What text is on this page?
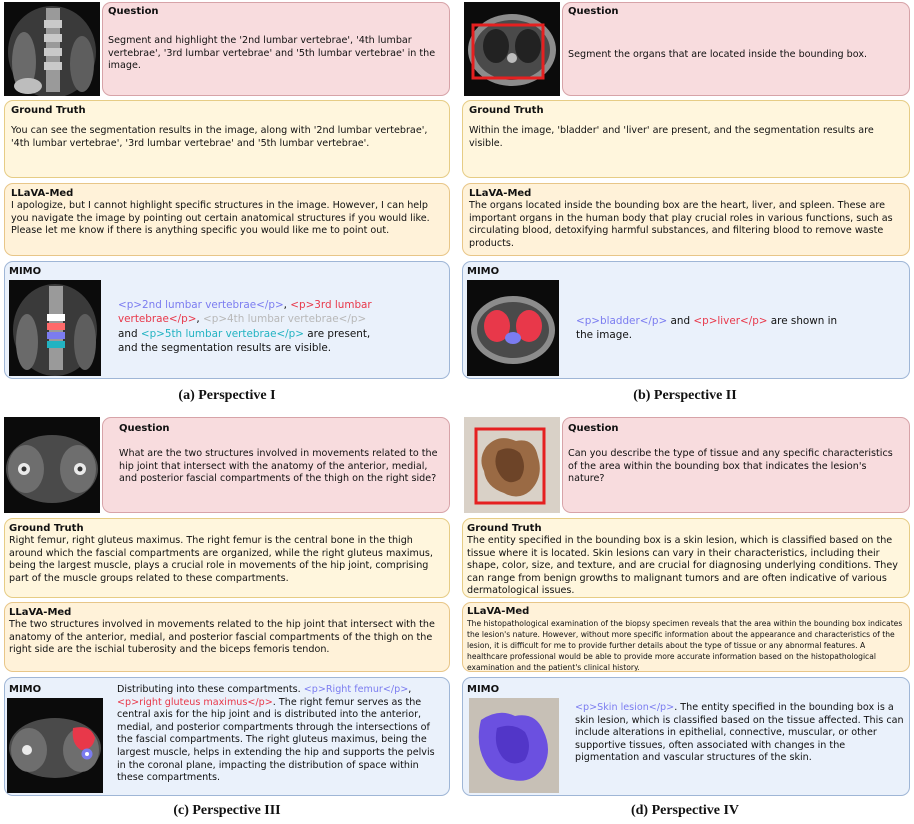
Question
Segment and highlight the '2nd lumbar vertebrae', '4th lumbar vertebrae', '3rd lumbar vertebrae' and '5th lumbar vertebrae' in the image.
Ground Truth
You can see the segmentation results in the image, along with '2nd lumbar vertebrae', '4th lumbar vertebrae', '3rd lumbar vertebrae' and '5th lumbar vertebrae'.
LLaVA-Med
I apologize, but I cannot highlight specific structures in the image. However, I can help you navigate the image by pointing out certain anatomical structures if you would like. Please let me know if there is anything specific you would like me to point out.
MIMO
<p>2nd lumbar vertebrae</p>, <p>3rd lumbar vertebrae</p>, <p>4th lumbar vertebrae</p> and <p>5th lumbar vertebrae</p> are present, and the segmentation results are visible.
(a) Perspective I
Question
Segment the organs that are located inside the bounding box.
Ground Truth
Within the image, 'bladder' and 'liver' are present, and the segmentation results are visible.
LLaVA-Med
The organs located inside the bounding box are the heart, liver, and spleen. These are important organs in the human body that play crucial roles in various functions, such as circulating blood, detoxifying harmful substances, and filtering blood to remove waste products.
MIMO
<p>bladder</p> and <p>liver</p> are shown in the image.
(b) Perspective II
Question
What are the two structures involved in movements related to the hip joint that intersect with the anatomy of the anterior, medial, and posterior fascial compartments of the thigh on the right side?
Ground Truth
Right femur, right gluteus maximus. The right femur is the central bone in the thigh around which the fascial compartments are organized, while the right gluteus maximus, being the largest muscle, plays a crucial role in movements of the hip joint, comprising part of the muscle groups related to these compartments.
LLaVA-Med
The two structures involved in movements related to the hip joint that intersect with the anatomy of the anterior, medial, and posterior fascial compartments of the thigh on the right side are the ischial tuberosity and the biceps femoris tendon.
MIMO	Distributing into these compartments. <p>Right femur</p>, <p>right gluteus maximus</p>. The right femur serves as the central axis for the hip joint and is distributed into the anterior, medial, and posterior compartments through the intersections of the fascial compartments. The right gluteus maximus, being the largest muscle, helps in extending the hip and supports the pelvis in the coronal plane, impacting the distribution of space within these compartments.
(c) Perspective III
Question
Can you describe the type of tissue and any specific characteristics of the area within the bounding box that indicates the lesion's nature?
Ground Truth
The entity specified in the bounding box is a skin lesion, which is classified based on the tissue where it is located. Skin lesions can vary in their characteristics, including their shape, color, size, and texture, and are crucial for diagnosing underlying conditions. They can range from benign growths to malignant tumors and are often indicative of various dermatological issues.
LLaVA-Med
The histopathological examination of the biopsy specimen reveals that the area within the bounding box indicates the lesion's nature. However, without more specific information about the appearance and characteristics of the lesion, it is difficult for me to provide further details about the type of tissue or any abnormal features. A healthcare professional would be able to provide more accurate information based on the histopathological examination and the patient's clinical history.
MIMO
<p>Skin lesion</p>. The entity specified in the bounding box is a skin lesion, which is classified based on the tissue affected. This can include alterations in epithelial, connective, muscular, or other supportive tissues, often associated with changes in the pigmentation and vascular structures of the skin.
(d) Perspective IV
